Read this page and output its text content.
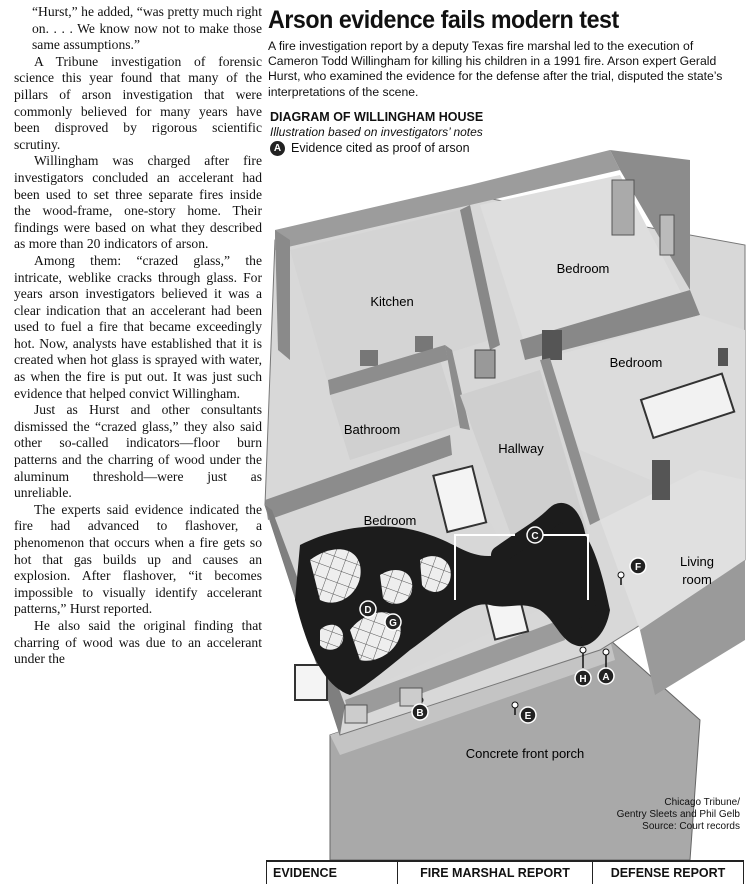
“Hurst,” he added, “was pretty much right on. . . . We know now not to make those same assumptions.”

A Tribune investigation of forensic science this year found that many of the pillars of arson investigation that were commonly believed for many years have been disproved by rigorous scientific scrutiny.

Willingham was charged after fire investigators concluded an accelerant had been used to set three separate fires inside the wood-frame, one-story home. Their findings were based on what they described as more than 20 indicators of arson.

Among them: “crazed glass,” the intricate, weblike cracks through glass. For years arson investigators believed it was a clear indication that an accelerant had been used to fuel a fire that became exceedingly hot. Now, analysts have established that it is created when hot glass is sprayed with water, as when the fire is put out. It was just such evidence that helped convict Willingham.

Just as Hurst and other consultants dismissed the “crazed glass,” they also said other so-called indicators—floor burn patterns and the charring of wood under the aluminum threshold—were just as unreliable.

The experts said evidence indicated the fire had advanced to flashover, a phenomenon that occurs when a fire gets so hot that gas builds up and causes an explosion. After flashover, “it becomes impossible to visually identify accelerant patterns,” Hurst reported.

He also said the original finding that charring of wood was due to an accelerant under the

Arson evidence fails modern test
A fire investigation report by a deputy Texas fire marshal led to the execution of Cameron Todd Willingham for killing his children in a 1991 fire. Arson expert Gerald Hurst, who examined the evidence for the defense after the trial, disputed the state’s interpretations of the scene.
DIAGRAM OF WILLINGHAM HOUSE
Illustration based on investigators’ notes
A Evidence cited as proof of arson
Kitchen
Bedroom
Bedroom
Bathroom
Hallway
Bedroom
Living
room
Concrete front porch
A
B
C
D
E
F
G
H
Chicago Tribune/
Gentry Sleets and Phil Gelb
Source: Court records
EVIDENCE	FIRE MARSHAL REPORT	DEFENSE REPORT
